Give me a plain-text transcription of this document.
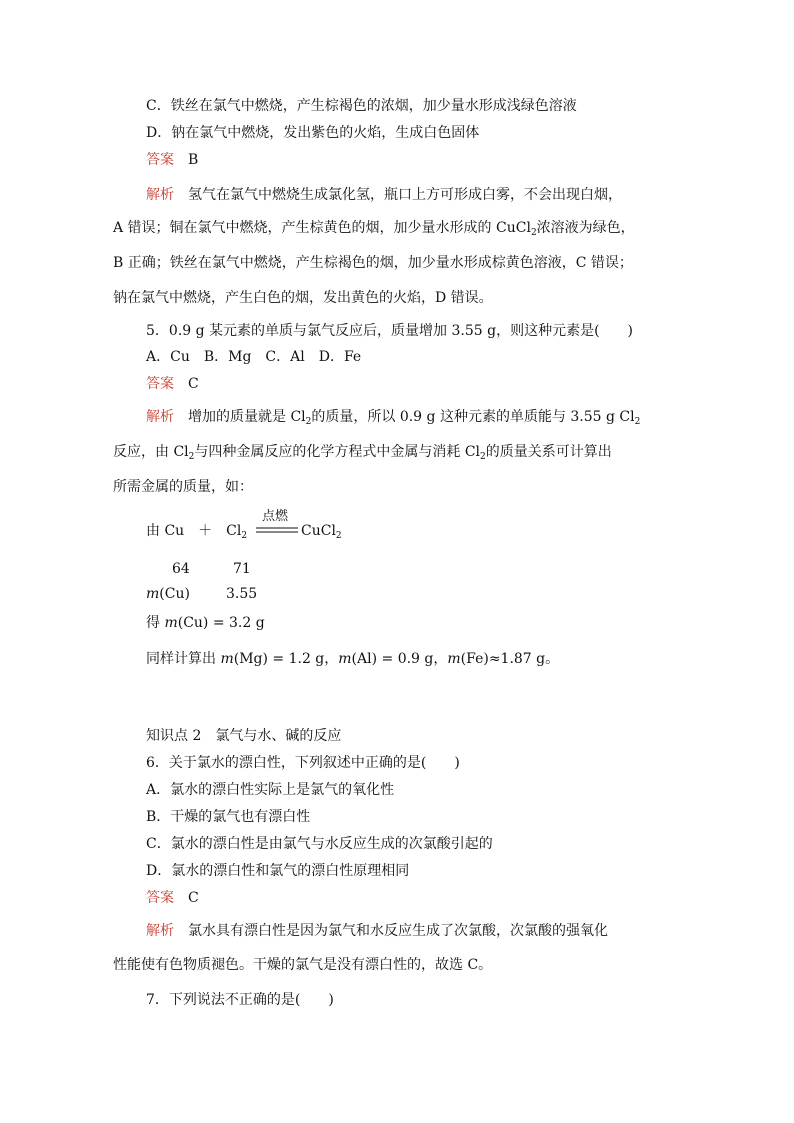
C．铁丝在氯气中燃烧，产生棕褐色的浓烟，加少量水形成浅绿色溶液
D．钠在氯气中燃烧，发出紫色的火焰，生成白色固体
答案 B
解析 氢气在氯气中燃烧生成氯化氢，瓶口上方可形成白雾，不会出现白烟，
A 错误；铜在氯气中燃烧，产生棕黄色的烟，加少量水形成的 CuCl$_2$浓溶液为绿色，
B 正确；铁丝在氯气中燃烧，产生棕褐色的烟，加少量水形成棕黄色溶液，C 错误；
钠在氯气中燃烧，产生白色的烟，发出黄色的火焰，D 错误。
5．0.9 g 某元素的单质与氯气反应后，质量增加 3.55 g，则这种元素是(　　)
A．Cu　B．Mg　C．Al　D．Fe
答案 C
解析 增加的质量就是 $Cl_2$的质量，所以 0.9 g 这种元素的单质能与 3.55 g $Cl_2$
反应，由 $Cl_2$与四种金属反应的化学方程式中金属与消耗 $Cl_2$的质量关系可计算出
所需金属的质量，如：
由 Cu　＋　$Cl_2$
点燃
CuCl$_2$
64	71
m(Cu)	3.55
得 m(Cu) = 3.2 g
同样计算出 m(Mg) = 1.2 g，m(Al) = 0.9 g，m(Fe)≈1.87 g。
知识点 2　氯气与水、碱的反应
6．关于氯水的漂白性，下列叙述中正确的是(　　)
A．氯水的漂白性实际上是氯气的氧化性
B．干燥的氯气也有漂白性
C．氯水的漂白性是由氯气与水反应生成的次氯酸引起的
D．氯水的漂白性和氯气的漂白性原理相同
答案 C
解析 氯水具有漂白性是因为氯气和水反应生成了次氯酸，次氯酸的强氧化
性能使有色物质褪色。干燥的氯气是没有漂白性的，故选 C。
7．下列说法不正确的是(　　)
